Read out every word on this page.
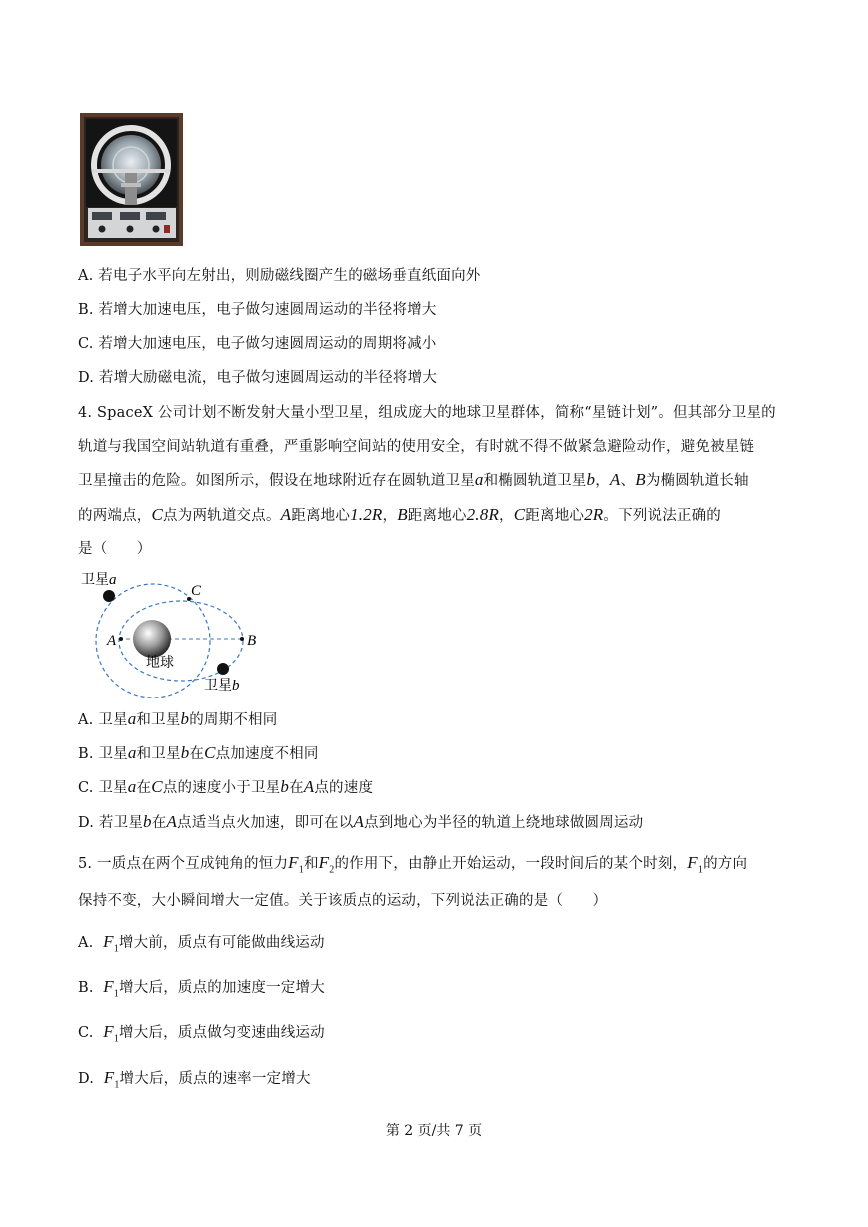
A. 若电子水平向左射出，则励磁线圈产生的磁场垂直纸面向外
B. 若增大加速电压，电子做匀速圆周运动的半径将增大
C. 若增大加速电压，电子做匀速圆周运动的周期将减小
D. 若增大励磁电流，电子做匀速圆周运动的半径将增大
4. SpaceX 公司计划不断发射大量小型卫星，组成庞大的地球卫星群体，简称“星链计划”。但其部分卫星的
轨道与我国空间站轨道有重叠，严重影响空间站的使用安全，有时就不得不做紧急避险动作，避免被星链
卫星撞击的危险。如图所示，假设在地球附近存在圆轨道卫星a和椭圆轨道卫星b，A、B为椭圆轨道长轴
的两端点，C点为两轨道交点。A距离地心1.2R，B距离地心2.8R，C距离地心2R。下列说法正确的
是（　　）
卫星a
C
A	B
地球
卫星b
A. 卫星a和卫星b的周期不相同
B. 卫星a和卫星b在C点加速度不相同
C. 卫星a在C点的速度小于卫星b在A点的速度
D. 若卫星b在A点适当点火加速，即可在以A点到地心为半径的轨道上绕地球做圆周运动
5. 一质点在两个互成钝角的恒力$F_1$和$F_2$的作用下，由静止开始运动，一段时间后的某个时刻，$F_1$的方向
保持不变，大小瞬间增大一定值。关于该质点的运动，下列说法正确的是（　　）
A. $F_1$增大前，质点有可能做曲线运动
B. $F_1$增大后，质点的加速度一定增大
C. $F_1$增大后，质点做匀变速曲线运动
D. $F_1$增大后，质点的速率一定增大
第 2 页/共 7 页
